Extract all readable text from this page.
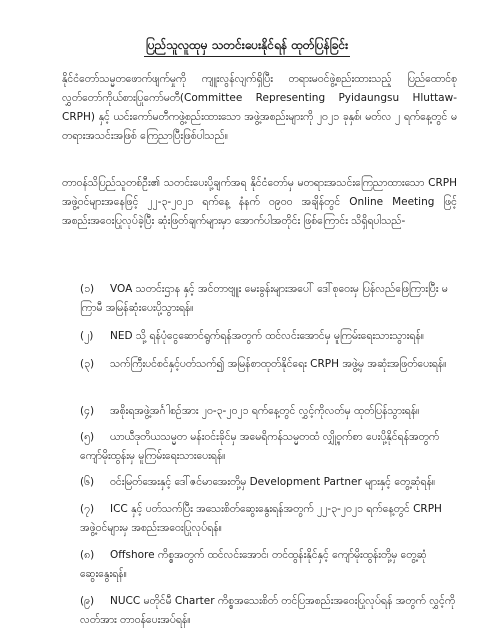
ပြည်သူလူထုမှ သတင်းပေးနိုင်ရန် ထုတ်ပြန်ခြင်း
နိုင်ငံတော်သမ္မတဖောက်ဖျက်မှုကို ကျူးလွန်လျက်ရှိပြီး တရားမဝင်ဖွဲ့စည်းထားသည့် ပြည်ထောင်စုလွှတ်တော်ကိုယ်စားပြုကော်မတီ(Committee Representing Pyidaungsu Hluttaw-CRPH) နှင့် ယင်းကော်မတီကဖွဲ့စည်းထားသော အဖွဲ့အစည်းများကို ၂၀၂၁ ခုနှစ်၊ မတ်လ ၂ ရက်နေ့တွင် မတရားအသင်းအဖြစ် ကြေညာပြီးဖြစ်ပါသည်။
တာဝန်သိပြည်သူတစ်ဦး၏ သတင်းပေးပို့ချက်အရ နိုင်ငံတော်မှ မတရားအသင်းကြေညာထားသော CRPH အဖွဲ့ဝင်များအနေဖြင့် ၂၂-၃-၂၀၂၁ ရက်နေ့ နံနက် ၀၉၀၀ အချိန်တွင် Online Meeting ဖြင့် အစည်းအဝေးပြုလုပ်ခဲ့ပြီး ဆုံးဖြတ်ချက်များမှာ အောက်ပါအတိုင်း ဖြစ်ကြောင်း သိရှိရပါသည်-
(၁) VOA သတင်းဌာန နှင့် အင်တာဗျူး မေးခွန်းများအပေါ် ဒေါ်စုဝေးမှ ပြန်လည်ဖြေကြားပြီး မကြာမီ အမြန်ဆုံးပေးပို့သွားရန်။
(၂) NED သို့ ရန်ပုံငွေဆောင်ရွက်ရန်အတွက် ထင်လင်းအောင်မှ မူကြမ်းရေးသားသွားရန်။
(၃) သက်ကြီးပင်စင်နှင့်ပတ်သက်၍ အမြန်စာထုတ်နိုင်ရေး CRPH အဖွဲ့မှ အဆုံးအဖြတ်ပေးရန်။
(၄) အစိုးရအဖွဲ့အင်္ဂါစဉ်အား ၂၀-၃-၂၀၂၁ ရက်နေ့တွင် လွှင့်ကိုလတ်မှ ထုတ်ပြန်သွားရန်။
(၅) ယာယီဒုတိယသမ္မတ မန်းဝင်းခိုင်မှ အမေရိကန်သမ္မတထံ လျှို့ဝှက်စာ ပေးပို့နိုင်ရန်အတွက် ကျော်မိုးထွန်းမှ မူကြမ်းရေးသားပေးရန်။
(၆) ဝင်းမြတ်အေးနှင့် ဒေါ်ဇင်မာအေးတို့မှ Development Partner များနှင့် တွေ့ဆုံရန်။
(၇) ICC နှင့် ပတ်သက်ပြီး အသေးစိတ်ဆွေးနွေးရန်အတွက် ၂၂-၃-၂၀၂၁ ရက်နေ့တွင် CRPH အဖွဲ့ဝင်များမှ အစည်းအဝေးပြုလုပ်ရန်။
(၈) Offshore ကိစ္စအတွက် ထင်လင်းအောင်၊ တင်ထွန်းနိုင်နှင့် ကျော်မိုးထွန်းတို့မှ တွေ့ဆုံဆွေးနွေးရန်။
(၉) NUCC မတိုင်မီ Charter ကိစ္စအသေးစိတ် တင်ပြအစည်းအဝေးပြုလုပ်ရန် အတွက် လွှင့်ကိုလတ်အား တာဝန်ပေးအပ်ရန်။
